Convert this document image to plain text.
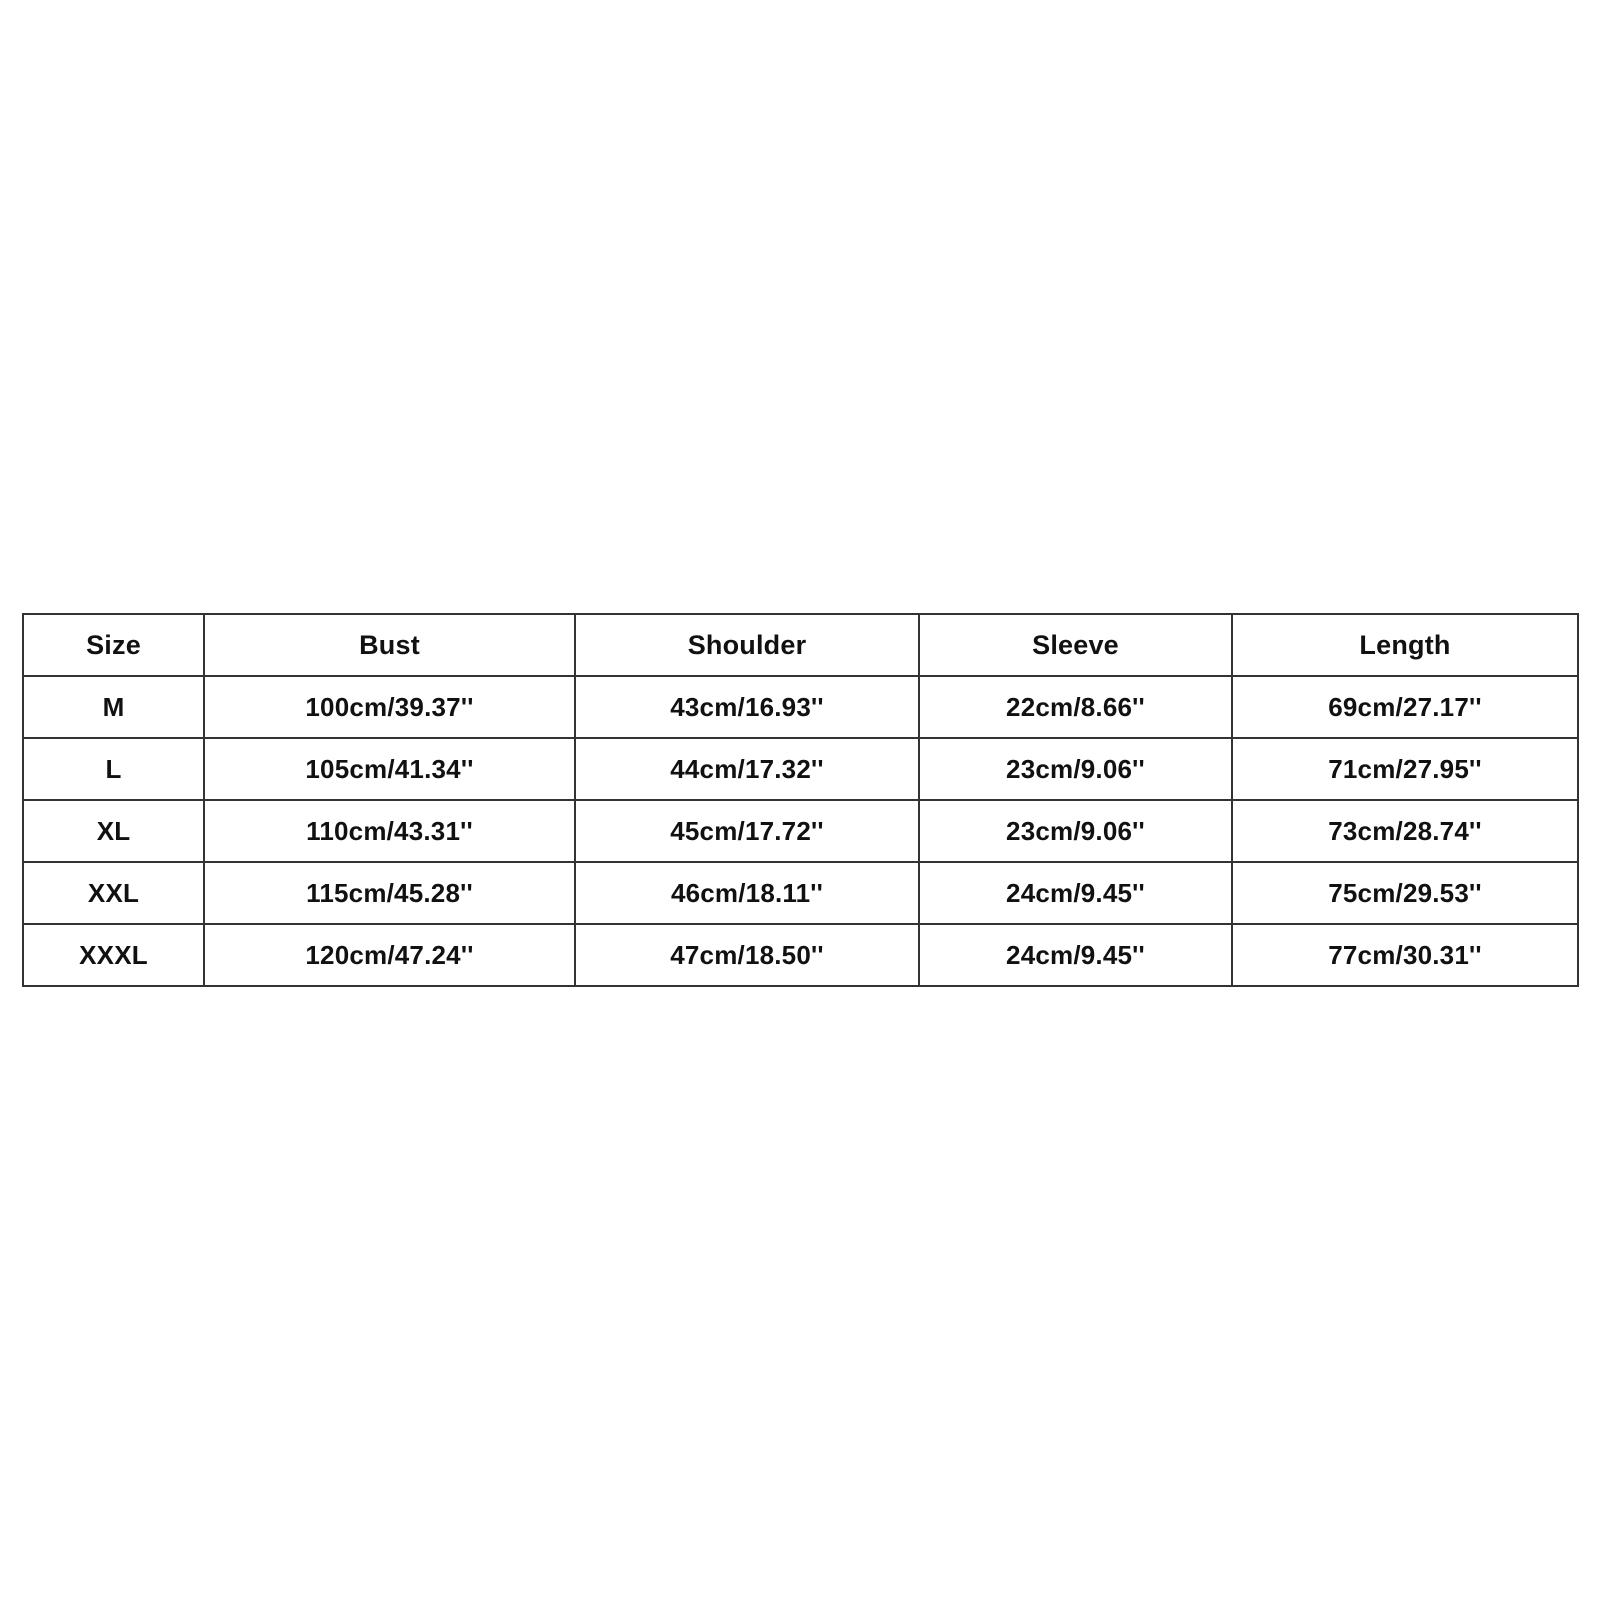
Size	Bust	Shoulder	Sleeve	Length
M	100cm/39.37''	43cm/16.93''	22cm/8.66''	69cm/27.17''
L	105cm/41.34''	44cm/17.32''	23cm/9.06''	71cm/27.95''
XL	110cm/43.31''	45cm/17.72''	23cm/9.06''	73cm/28.74''
XXL	115cm/45.28''	46cm/18.11''	24cm/9.45''	75cm/29.53''
XXXL	120cm/47.24''	47cm/18.50''	24cm/9.45''	77cm/30.31''
